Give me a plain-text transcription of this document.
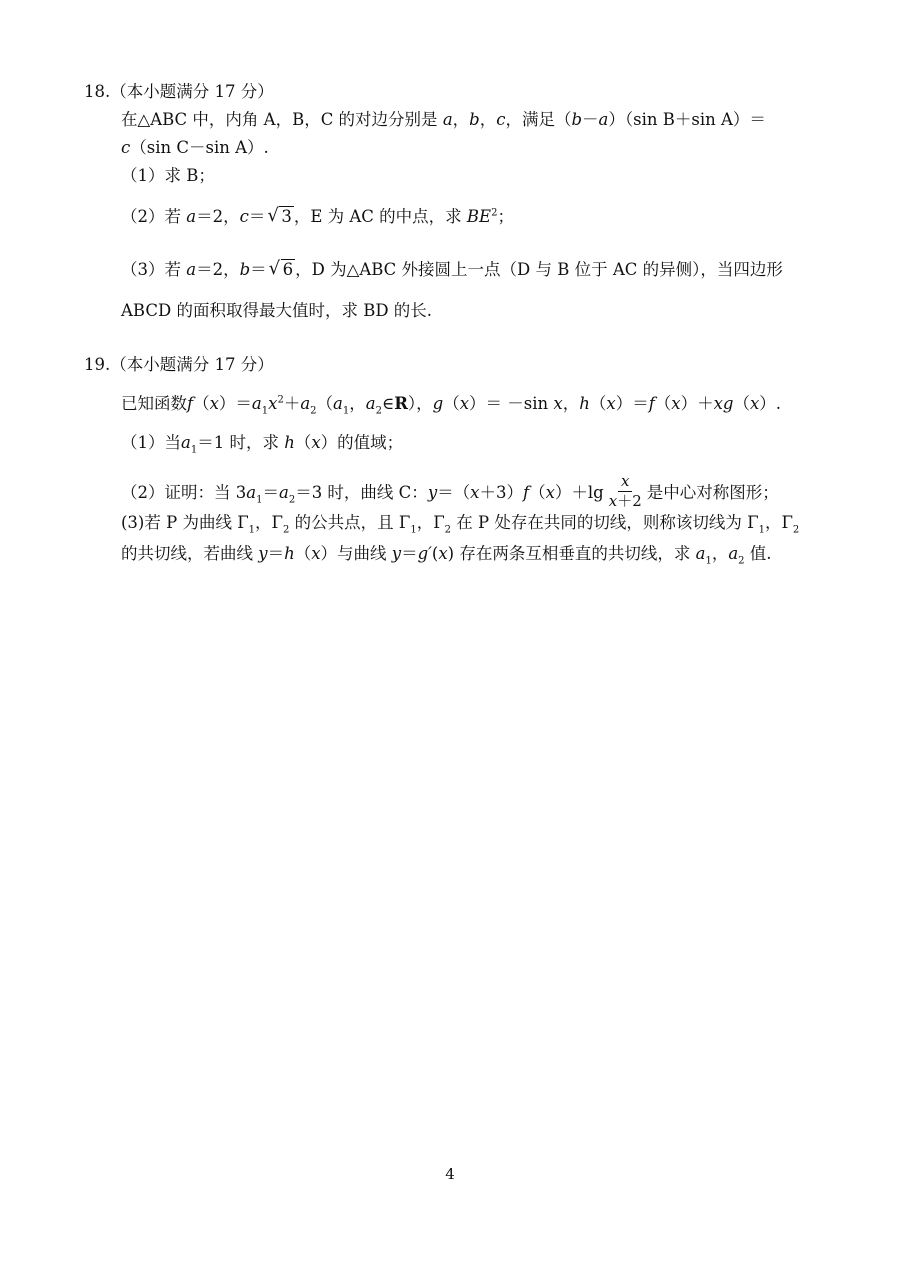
18.（本小题满分 17 分）
在△ABC 中，内角 A，B，C 的对边分别是 a，b，c，满足（b－a）（sin B＋sin A）＝
c（sin C－sin A）.
（1）求 B；
（2）若 a＝2，c＝ √ 3 ，E 为 AC 的中点，求 $BE^2$；
（3）若 a＝2，b＝ √ 6 ，D 为△ABC 外接圆上一点（D 与 B 位于 AC 的异侧），当四边形
ABCD 的面积取得最大值时，求 BD 的长.
19.（本小题满分 17 分）
已知函数$f(x)=a_1x^2+a_2(a_1$，$a_2\in R$），g（x）＝ －sin x，h（x）＝f（x）＋xg（x）.
（1）当$a_1=1$ 时，求 h（x）的值域；
（2）证明：当 $3a_1=a_2=3$ 时，曲线 C：$y=(x+3)f(x)+\lg \frac{x}{x+2}$ 是中心对称图形；
(3)若 P 为曲线 $\Gamma_1$，$\Gamma_2$ 的公共点，且 $\Gamma_1$，$\Gamma_2$ 在 P 处存在共同的切线，则称该切线为 $\Gamma_1$，$\Gamma_2$
的共切线，若曲线 y＝h（x）与曲线 y＝g′(x) 存在两条互相垂直的共切线，求 $a_1$，$a_2$ 值.
4
